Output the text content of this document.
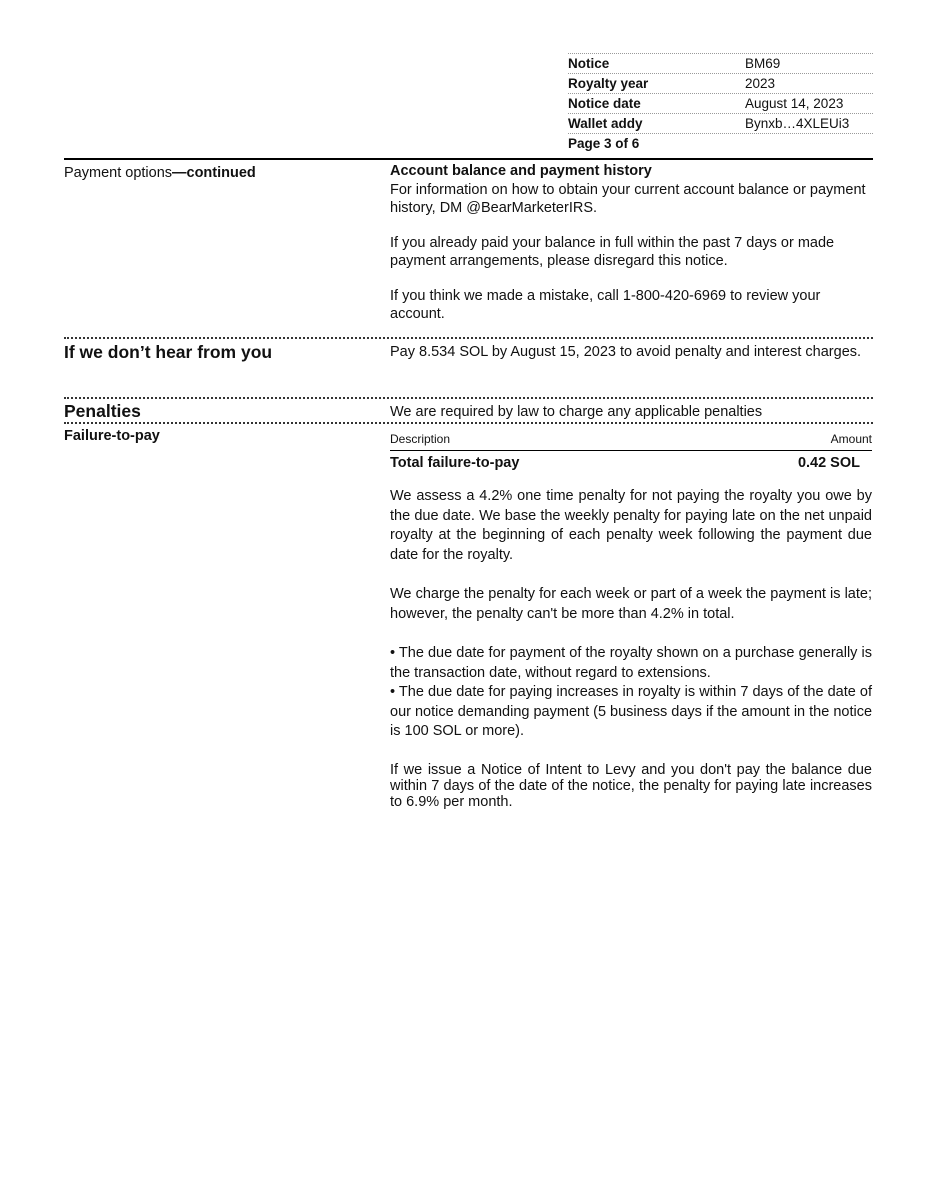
Notice	BM69
Royalty year	2023
Notice date	August 14, 2023
Wallet addy	Bynxb…4XLEUi3
Page 3 of 6
Payment options—continued	Account balance and payment history

For information on how to obtain your current account balance or payment history, DM @BearMarketerIRS.

If you already paid your balance in full within the past 7 days or made payment arrangements, please disregard this notice.

If you think we made a mistake, call 1-800-420-6969 to review your account.

If we don’t hear from you	Pay 8.534 SOL by August 15, 2023 to avoid penalty and interest charges.
Penalties	We are required by law to charge any applicable penalties
Failure-to-pay	Description	Amount
Total failure-to-pay	0.42 SOL

We assess a 4.2% one time penalty for not paying the royalty you owe by the due date. We base the weekly penalty for paying late on the net unpaid royalty at the beginning of each penalty week following the payment due date for the royalty.

We charge the penalty for each week or part of a week the payment is late; however, the penalty can't be more than 4.2% in total.

• The due date for payment of the royalty shown on a purchase generally is the transaction date, without regard to extensions.

• The due date for paying increases in royalty is within 7 days of the date of our notice demanding payment (5 business days if the amount in the notice is 100 SOL or more).

If we issue a Notice of Intent to Levy and you don't pay the balance due within 7 days of the date of the notice, the penalty for paying late increases to 6.9% per month.
